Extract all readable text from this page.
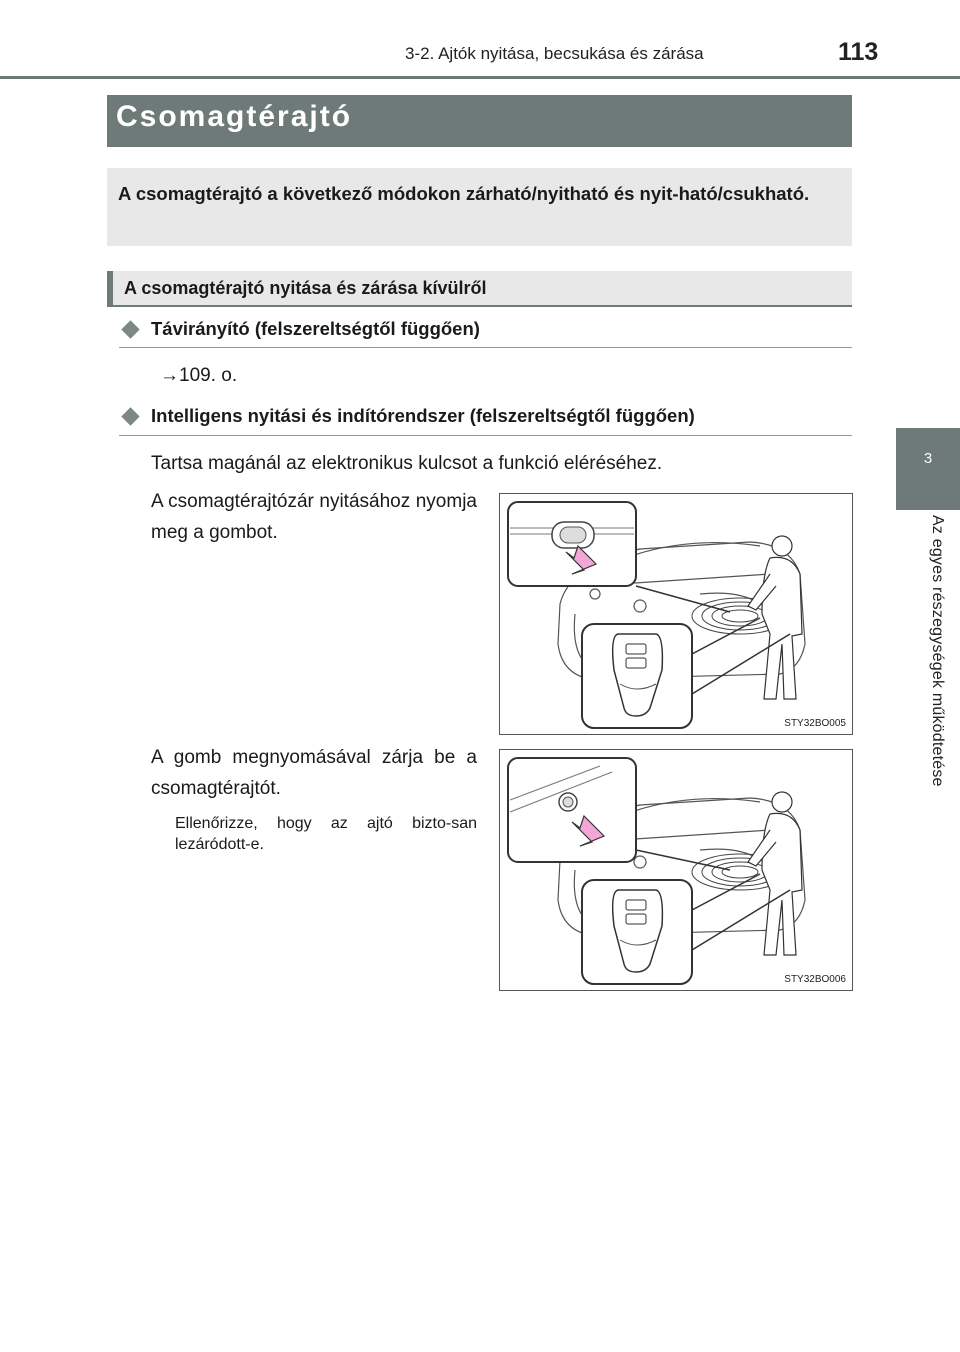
3-2. Ajtók nyitása, becsukása és zárása	113
3
Az egyes részegységek működtetése
Csomagtérajtó
A csomagtérajtó a következő módokon zárható/nyitható és nyit-ható/csukható.
A csomagtérajtó nyitása és zárása kívülről
Távirányító (felszereltségtől függően)
→109. o.
Intelligens nyitási és indítórendszer (felszereltségtől függően)
Tartsa magánál az elektronikus kulcsot a funkció eléréséhez.
A csomagtérajtózár nyitásához nyomja meg a gombot.
A gomb megnyomásával zárja be a csomagtérajtót.
Ellenőrizze, hogy az ajtó bizto-san lezáródott-e.
STY32BO005
STY32BO006
